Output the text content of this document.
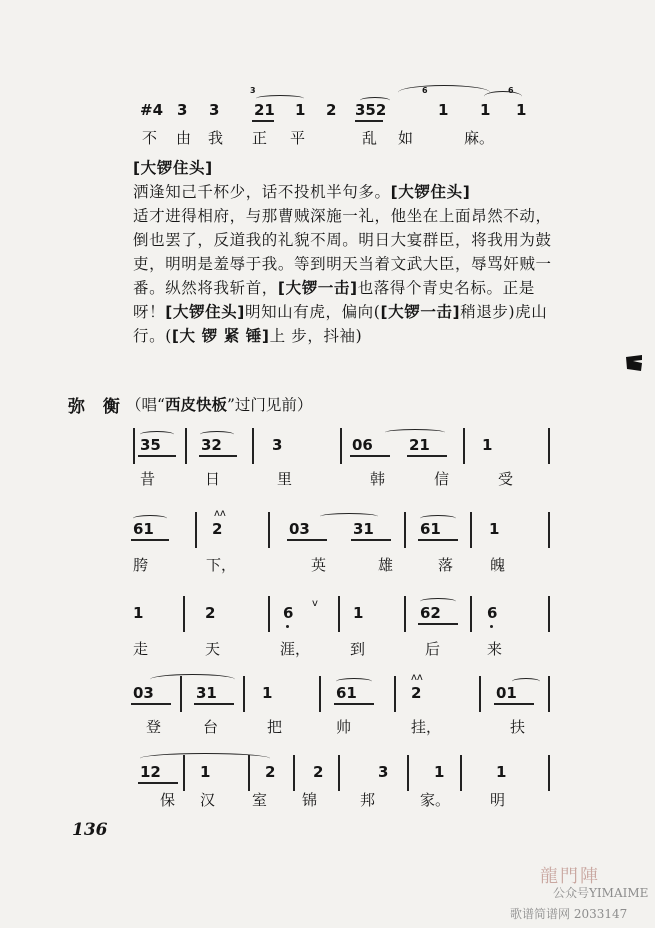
#4 3 3
3
21 1 2 352
6
1 1
6
1
不 由 我 正 平	乱 如	麻。
[大锣住头]
洒逢知己千杯少，话不投机半句多。[大锣住头]
适才进得相府，与那曹贼深施一礼，他坐在上面昂然不动，倒也罢了，反道我的礼貌不周。明日大宴群臣，将我用为鼓吏，明明是羞辱于我。等到明天当着文武大臣，辱骂奸贼一番。纵然将我斩首，[大锣一击]也落得个青史名标。正是呀！[大锣住头]明知山有虎，偏向([大锣一击]稍退步)虎山行。([大 锣 紧 锤]上 步，抖袖)
弥 衡 （唱“西皮快板”过门见前）
35	32	3	06 21	1
昔	日	里	韩	信	受
61
ʌʌ
2	03	31	61	1
胯	下，	英	雄	落 魄
1	2	6
v
1	62	6
走	天	涯，	到	后	来
03	31	1	61
ʌʌ
2	01
登	台	把	帅	挂，	扶
12	1	2	2	3	1	1
保 汉 室 锦	邦	家。	明
136
龍門陣
公众号YIMAIME
歌谱简谱网 2033147
